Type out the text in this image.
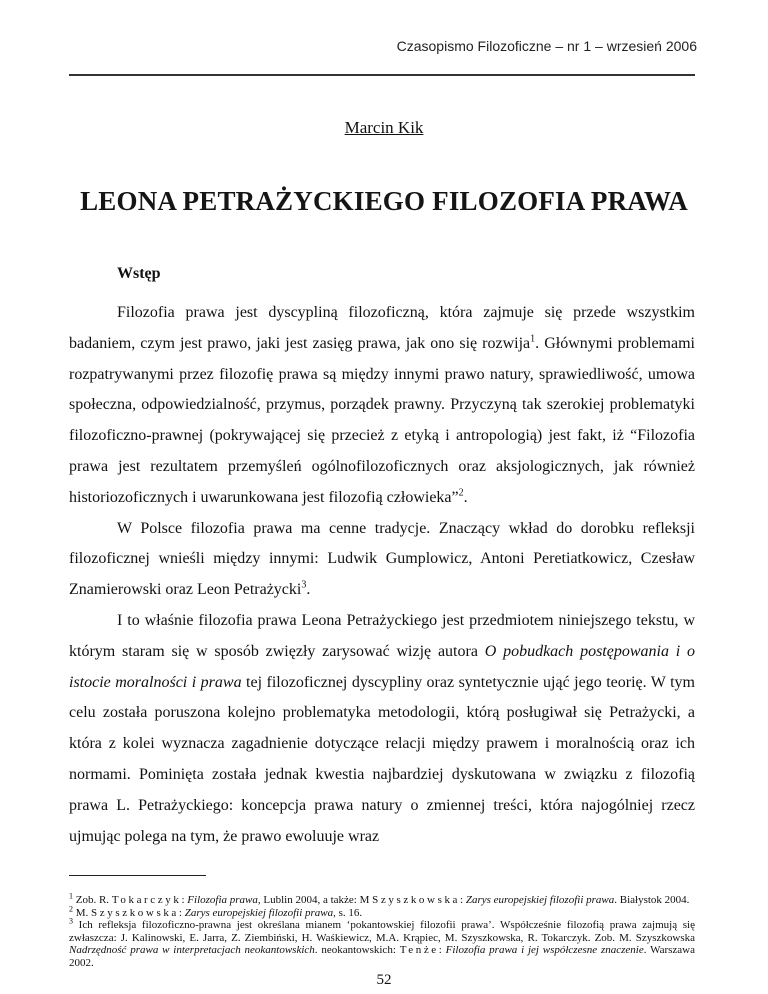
Czasopismo Filozoficzne – nr 1 – wrzesień 2006
Marcin Kik
LEONA PETRAŻYCKIEGO FILOZOFIA PRAWA
Wstęp

Filozofia prawa jest dyscypliną filozoficzną, która zajmuje się przede wszystkim badaniem, czym jest prawo, jaki jest zasięg prawa, jak ono się rozwija$^1$. Głównymi problemami rozpatrywanymi przez filozofię prawa są między innymi prawo natury, sprawiedliwość, umowa społeczna, odpowiedzialność, przymus, porządek prawny. Przyczyną tak szerokiej problematyki filozoficzno-prawnej (pokrywającej się przecież z etyką i antropologią) jest fakt, iż “Filozofia prawa jest rezultatem przemyśleń ogólnofilozoficznych oraz aksjologicznych, jak również historiozoficznych i uwarunkowana jest filozofią człowieka”$^2$.

W Polsce filozofia prawa ma cenne tradycje. Znaczący wkład do dorobku refleksji filozoficznej wnieśli między innymi: Ludwik Gumplowicz, Antoni Peretiatkowicz, Czesław Znamierowski oraz Leon Petrażycki$^3$.

I to właśnie filozofia prawa Leona Petrażyckiego jest przedmiotem niniejszego tekstu, w którym staram się w sposób zwięzły zarysować wizję autora O pobudkach postępowania i o istocie moralności i prawa tej filozoficznej dyscypliny oraz syntetycznie ująć jego teorię. W tym celu została poruszona kolejno problematyka metodologii, którą posługiwał się Petrażycki, a która z kolei wyznacza zagadnienie dotyczące relacji między prawem i moralnością oraz ich normami. Pominięta została jednak kwestia najbardziej dyskutowana w związku z filozofią prawa L. Petrażyckiego: koncepcja prawa natury o zmiennej treści, która najogólniej rzecz ujmując polega na tym, że prawo ewoluuje wraz

$^1$ Zob. R. Tokarczyk: Filozofia prawa, Lublin 2004, a także: M Szyszkowska: Zarys europejskiej filozofii prawa. Białystok 2004.

$^2$ M. Szyszkowska: Zarys europejskiej filozofii prawa, s. 16.

$^3$ Ich refleksja filozoficzno-prawna jest określana mianem ‘pokantowskiej filozofii prawa’. Współcześnie filozofią prawa zajmują się zwłaszcza: J. Kalinowski, E. Jarra, Z. Ziembiński, H. Waśkiewicz, M.A. Krąpiec, M. Szyszkowska, R. Tokarczyk. Zob. M. Szyszkowska Nadrzędność prawa w interpretacjach neokantowskich. neokantowskich: Tenże: Filozofia prawa i jej współczesne znaczenie. Warszawa 2002.

52
